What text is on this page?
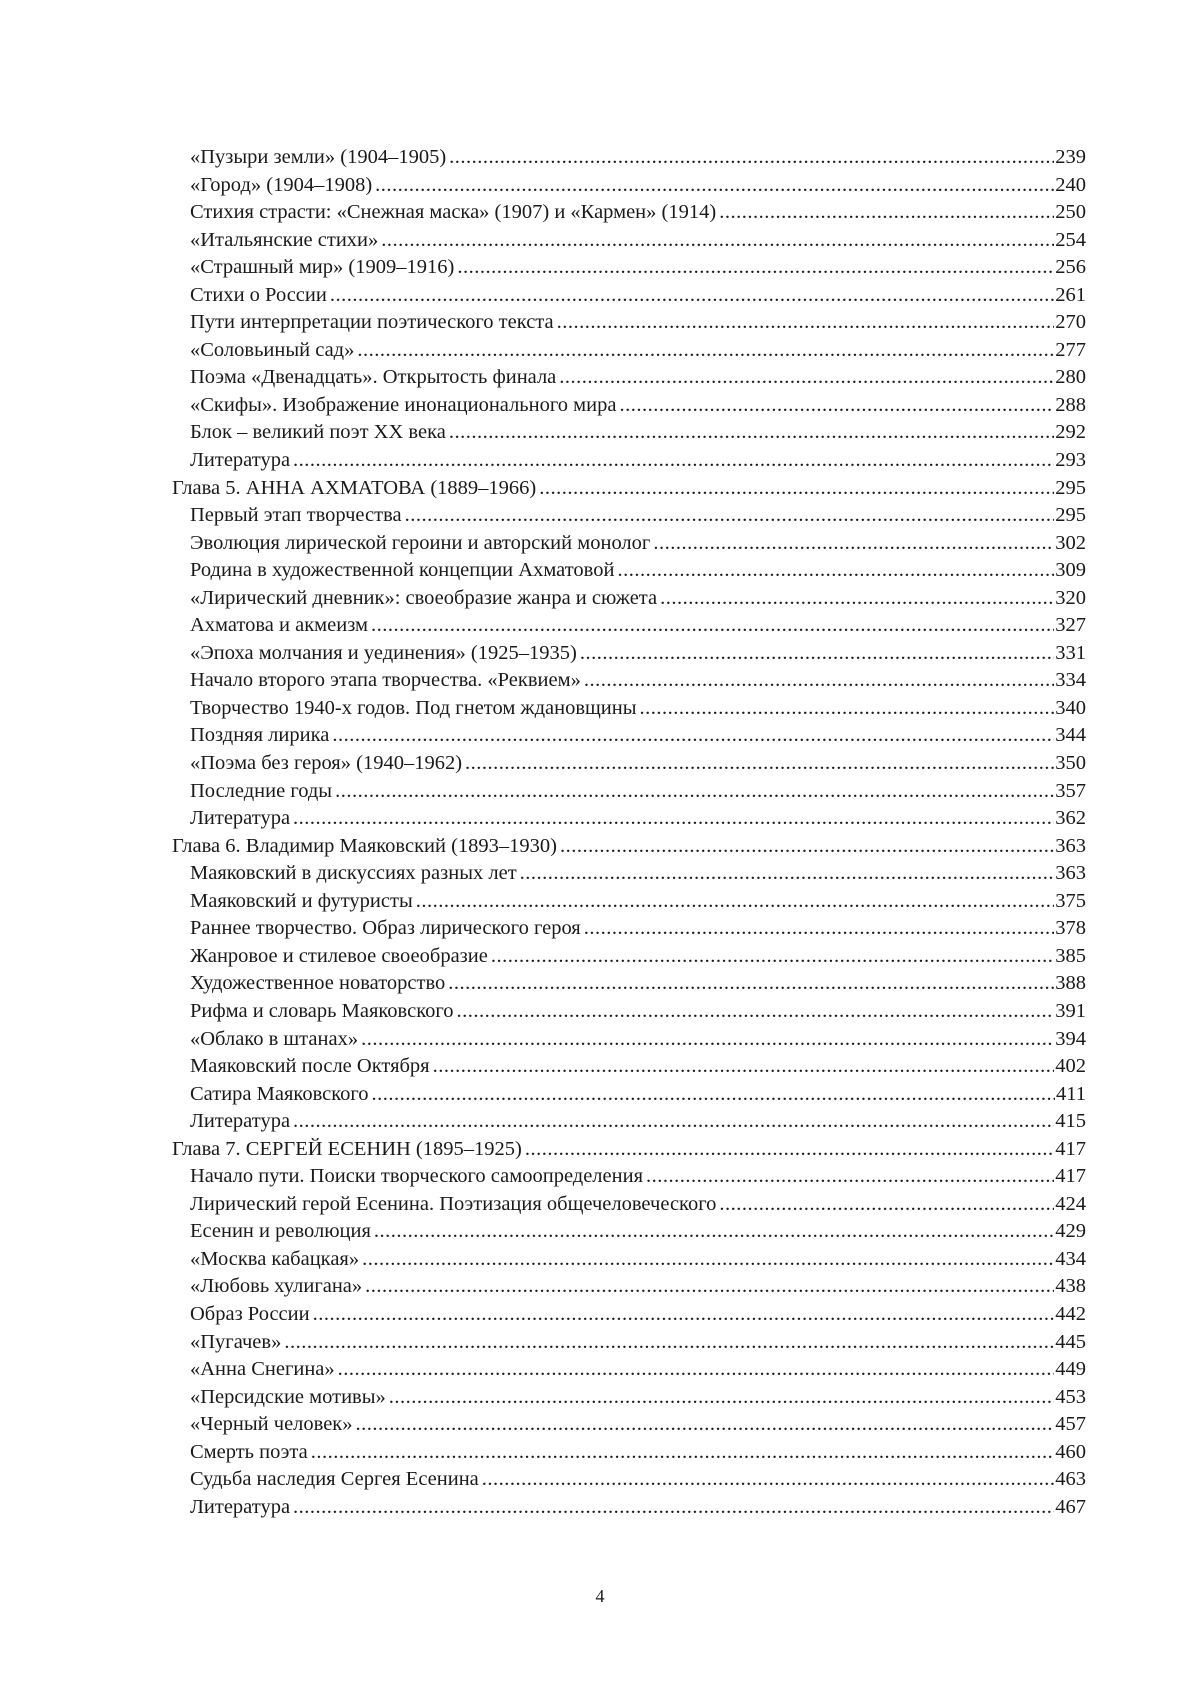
«Пузыри земли» (1904–1905) .....	239
«Город» (1904–1908) .....	240
Стихия страсти: «Снежная маска» (1907) и «Кармен» (1914) .....	250
«Итальянские стихи» .....	254
«Страшный мир» (1909–1916) .....	256
Стихи о России .....	261
Пути интерпретации поэтического текста .....	270
«Соловьиный сад» .....	277
Поэма «Двенадцать». Открытость финала .....	280
«Скифы». Изображение инонационального мира .....	288
Блок – великий поэт XX века .....	292
Литература .....	293
Глава 5. АННА АХМАТОВА (1889–1966) .....	295
Первый этап творчества .....	295
Эволюция лирической героини и авторский монолог .....	302
Родина в художественной концепции Ахматовой .....	309
«Лирический дневник»: своеобразие жанра и сюжета .....	320
Ахматова и акмеизм .....	327
«Эпоха молчания и уединения» (1925–1935) .....	331
Начало второго этапа творчества. «Реквием» .....	334
Творчество 1940-х годов. Под гнетом ждановщины .....	340
Поздняя лирика .....	344
«Поэма без героя» (1940–1962) .....	350
Последние годы .....	357
Литература .....	362
Глава 6. Владимир Маяковский (1893–1930) .....	363
Маяковский в дискуссиях разных лет .....	363
Маяковский и футуристы .....	375
Раннее творчество. Образ лирического героя .....	378
Жанровое и стилевое своеобразие .....	385
Художественное новаторство .....	388
Рифма и словарь Маяковского .....	391
«Облако в штанах» .....	394
Маяковский после Октября .....	402
Сатира Маяковского .....	411
Литература .....	415
Глава 7. СЕРГЕЙ ЕСЕНИН (1895–1925) .....	417
Начало пути. Поиски творческого самоопределения .....	417
Лирический герой Есенина. Поэтизация общечеловеческого .....	424
Есенин и революция .....	429
«Москва кабацкая» .....	434
«Любовь хулигана» .....	438
Образ России .....	442
«Пугачев» .....	445
«Анна Снегина» .....	449
«Персидские мотивы» .....	453
«Черный человек» .....	457
Смерть поэта .....	460
Судьба наследия Сергея Есенина .....	463
Литература .....	467
4
